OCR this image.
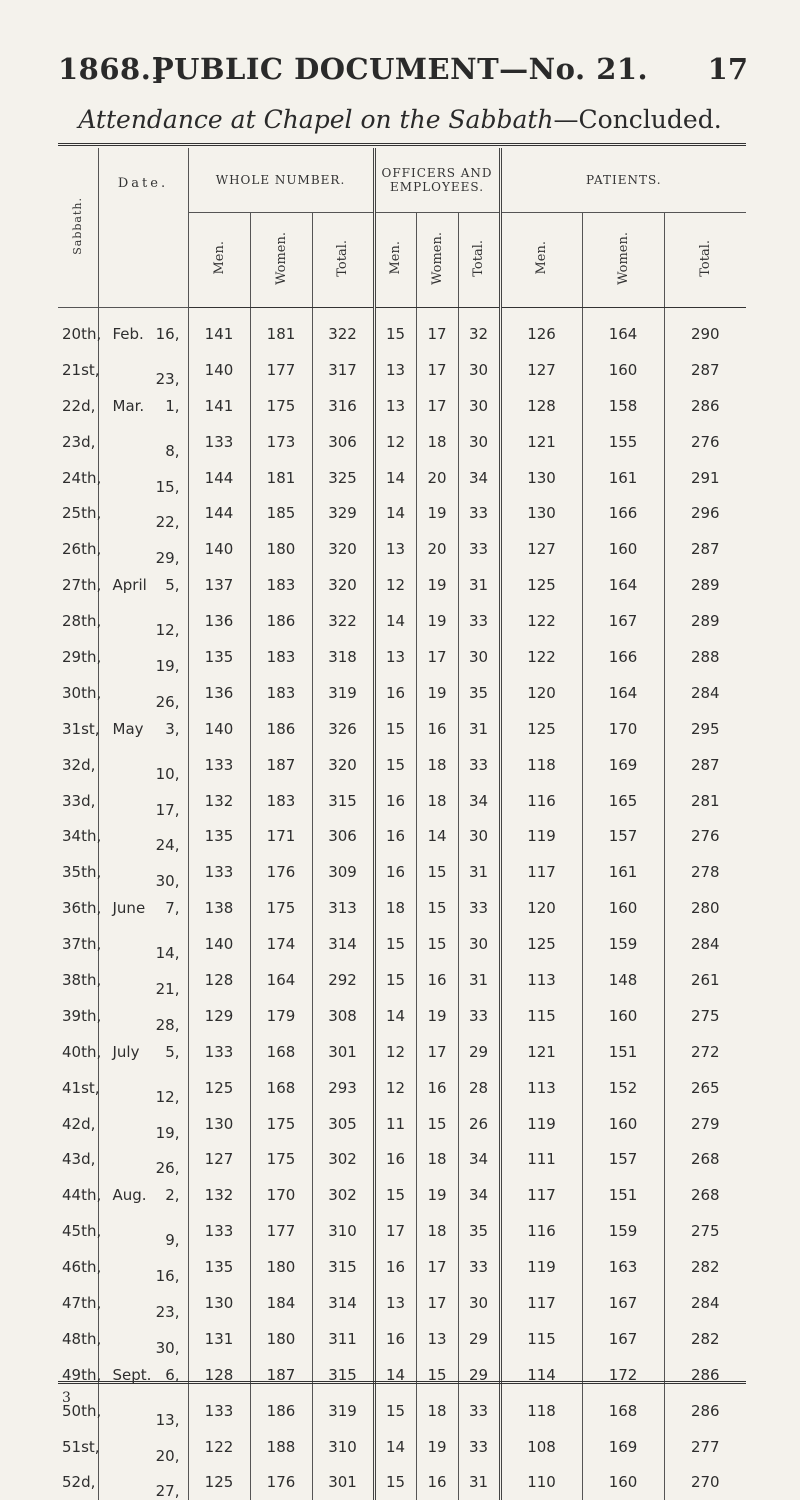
1868.]
PUBLIC DOCUMENT—No. 21.	17
Attendance at Chapel on the Sabbath—Concluded.
Sabbath.	Date.	WHOLE NUMBER.			OFFICERS AND EMPLOYEES.			PATIENTS.		
		Men.	Women.	Total.	Men.	Women.	Total.	Men.	Women.	Total.
20th,	Feb. 16,	141	181	322	15	17	32	126	164	290
21st,	23,	140	177	317	13	17	30	127	160	287
22d,	Mar. 1,	141	175	316	13	17	30	128	158	286
23d,	8,	133	173	306	12	18	30	121	155	276
24th,	15,	144	181	325	14	20	34	130	161	291
25th,	22,	144	185	329	14	19	33	130	166	296
26th,	29,	140	180	320	13	20	33	127	160	287
27th,	April 5,	137	183	320	12	19	31	125	164	289
28th,	12,	136	186	322	14	19	33	122	167	289
29th,	19,	135	183	318	13	17	30	122	166	288
30th,	26,	136	183	319	16	19	35	120	164	284
31st,	May 3,	140	186	326	15	16	31	125	170	295
32d,	10,	133	187	320	15	18	33	118	169	287
33d,	17,	132	183	315	16	18	34	116	165	281
34th,	24,	135	171	306	16	14	30	119	157	276
35th,	30,	133	176	309	16	15	31	117	161	278
36th,	June 7,	138	175	313	18	15	33	120	160	280
37th,	14,	140	174	314	15	15	30	125	159	284
38th,	21,	128	164	292	15	16	31	113	148	261
39th,	28,	129	179	308	14	19	33	115	160	275
40th,	July 5,	133	168	301	12	17	29	121	151	272
41st,	12,	125	168	293	12	16	28	113	152	265
42d,	19,	130	175	305	11	15	26	119	160	279
43d,	26,	127	175	302	16	18	34	111	157	268
44th,	Aug. 2,	132	170	302	15	19	34	117	151	268
45th,	9,	133	177	310	17	18	35	116	159	275
46th,	16,	135	180	315	16	17	33	119	163	282
47th,	23,	130	184	314	13	17	30	117	167	284
48th,	30,	131	180	311	16	13	29	115	167	282
49th,	Sept. 6,	128	187	315	14	15	29	114	172	286
50th,	13,	133	186	319	15	18	33	118	168	286
51st,	20,	122	188	310	14	19	33	108	169	277
52d,	27,	125	176	301	15	16	31	110	160	270
3
